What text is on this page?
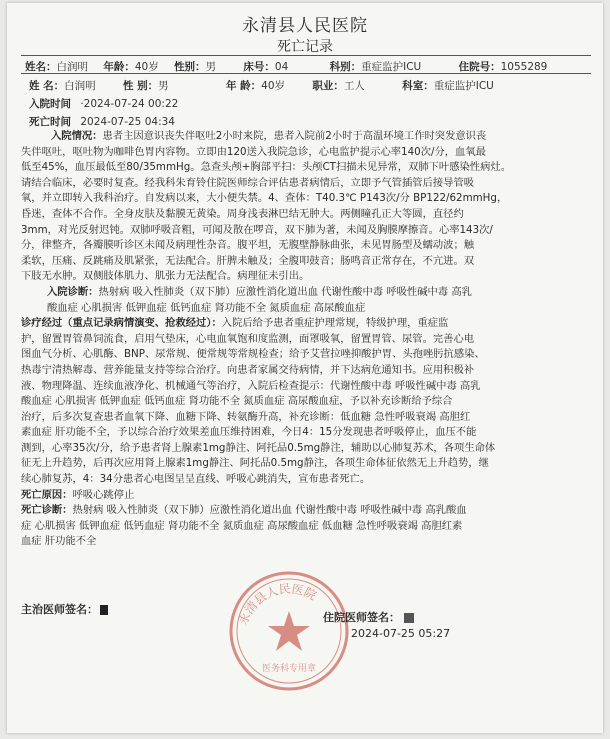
永清县人民医院
死亡记录
姓名：白润明 年龄：40岁 性别：男	床号：04	科别：重症监护ICU	住院号：1055289
姓 名：白润明	性 别：男	年 龄：40岁	职业：工人	科室：重症监护ICU
入院时间 ·2024-07-24 00:22
死亡时间 2024-07-25 04:34
入院情况：患者主因意识丧失伴呕吐2小时来院，患者入院前2小时于高温环境工作时突发意识丧
失伴呕吐，呕吐物为咖啡色胃内容物。立即由120送入我院急诊，心电监护提示心率140次/分，血氧最
低至45%，血压最低至80/35mmHg。急查头颅+胸部平扫：头颅CT扫描未见异常，双肺下叶感染性病灶。
请结合临床，必要时复查。经我科朱育铃住院医师综合评估患者病情后，立即予气管插管后接导管吸
氧，并立即转入我科治疗。自发病以来，大小便失禁。4、查体：T40.3℃ P143次/分 BP122/62mmHg，
昏迷，查体不合作。全身皮肤及黏膜无黄染。周身浅表淋巴结无肿大。两侧瞳孔正大等圆，直径约
3mm，对光反射迟钝。双肺呼吸音粗，可闻及散在啰音，双下肺为著，未闻及胸膜摩擦音。心率143次/
分，律整齐，各瓣膜听诊区未闻及病理性杂音。腹平坦，无腹壁静脉曲张，未见胃肠型及蠕动波；触
柔软，压痛、反跳痛及肌紧张，无法配合。肝脾未触及；全腹叩鼓音；肠鸣音正常存在，不亢进。双
下肢无水肿。双侧肢体肌力、肌张力无法配合。病理征未引出。
入院诊断：热射病 吸入性肺炎（双下肺）应激性消化道出血 代谢性酸中毒 呼吸性碱中毒 高乳
酸血症 心肌损害 低钾血症 低钙血症 肾功能不全 氮质血症 高尿酸血症
诊疗经过（重点记录病情演变、抢救经过）：入院后给予患者重症护理常规，特级护理，重症监
护，留置胃管鼻饲流食，启用气垫床，心电血氧饱和度监测，面罩吸氧，留置胃管、尿管。完善心电
图血气分析、心肌酶、BNP、尿常规、便常规等常规检查；给予艾营拉唑抑酸护胃、头孢唑肟抗感染、
热毒宁清热解毒、营养能量支持等综合治疗。向患者家属交待病情，并下达病危通知书。应用积极补
液、物理降温、连续血液净化、机械通气等治疗，入院后检查提示：代谢性酸中毒 呼吸性碱中毒 高乳
酸血症 心肌损害 低钾血症 低钙血症 肾功能不全 氮质血症 高尿酸血症，予以补充诊断给予综合
治疗，后多次复查患者血氧下降、血糖下降、转氨酶升高，补充诊断：低血糖 急性呼吸衰竭 高胆红
素血症 肝功能不全，予以综合治疗效果差血压维持困难，今日4：15分发现患者呼吸停止，血压不能
测到，心率35次/分，给予患者肾上腺素1mg静注、阿托品0.5mg静注，辅助以心肺复苏术，各项生命体
征无上升趋势，后再次应用肾上腺素1mg静注、阿托品0.5mg静注，各项生命体征依然无上升趋势，继
续心肺复苏，4：34分患者心电图呈呈直线、呼吸心跳消失，宣布患者死亡。
死亡原因：呼吸心跳停止
死亡诊断：热射病 吸入性肺炎（双下肺）应激性消化道出血 代谢性酸中毒 呼吸性碱中毒 高乳酸血
症 心肌损害 低钾血症 低钙血症 肾功能不全 氮质血症 高尿酸血症 低血糖 急性呼吸衰竭 高胆红素
血症 肝功能不全
永清县人民医院
医务科专用章
主治医师签名：
住院医师签名：
2024-07-25 05:27
